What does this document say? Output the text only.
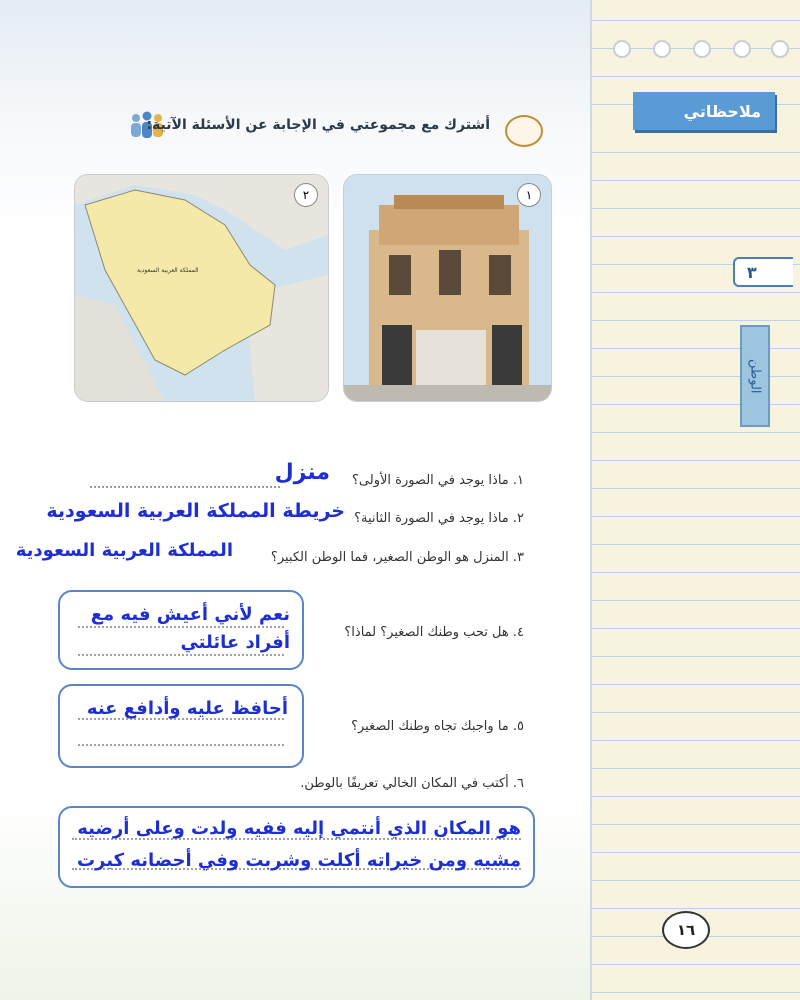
ملاحظاتي
٣
الوطن
أشترك مع مجموعتي في الإجابة عن الأسئلة الآتية:
١
المملكة العربية السعودية
٢
١. ماذا يوجد في الصورة الأولى؟
منزل
٢. ماذا يوجد في الصورة الثانية؟
خريطة المملكة العربية السعودية
٣. المنزل هو الوطن الصغير، فما الوطن الكبير؟
المملكة العربية السعودية
٤. هل تحب وطنك الصغير؟ لماذا؟
نعم لأني أعيش فيه مع
أفراد عائلتي
٥. ما واجبك تجاه وطنك الصغير؟
أحافظ عليه وأدافع عنه
٦. أكتب في المكان الخالي تعريفًا بالوطن.
هو المكان الذي أنتمي إليه ففيه ولدت وعلى أرضيه
مشيه ومن خيراته أكلت وشربت وفي أحضانه كبرت
١٦
